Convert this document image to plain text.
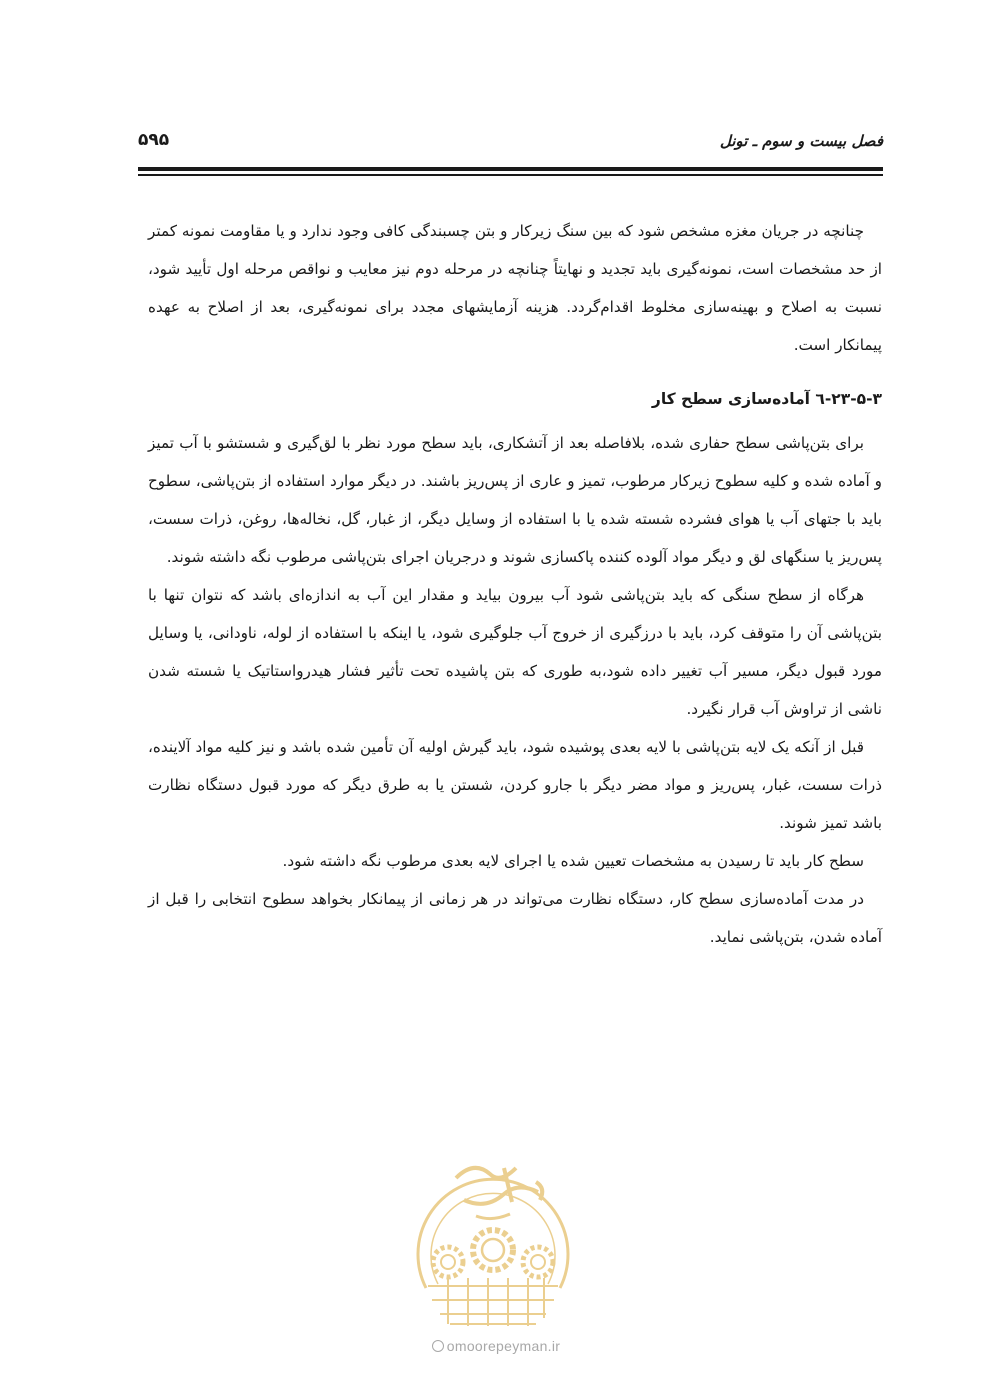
فصل بیست و سوم ـ تونل
۵۹۵

چنانچه در جریان مغزه مشخص شود که بین سنگ زیرکار و بتن چسبندگی کافی وجود ندارد و یا مقاومت نمونه کمتر از حد مشخصات است، نمونه‌گیری باید تجدید و نهایتاً چنانچه در مرحله دوم نیز معایب و نواقص مرحله اول تأیید شود، نسبت به اصلاح و بهینه‌سازی مخلوط اقدام‌گردد. هزینه آزمایشهای مجدد برای نمونه‌گیری، بعد از اصلاح به عهده پیمانکار است.

۲۳-۵-۳-٦ آماده‌سازی سطح کار

برای بتن‌پاشی سطح حفاری شده، بلافاصله بعد از آتشکاری، باید سطح مورد نظر با لق‌گیری و شستشو با آب تمیز و آماده شده و کلیه سطوح زیرکار مرطوب، تمیز و عاری از پس‌ریز باشند. در دیگر موارد استفاده از بتن‌پاشی، سطوح باید با جتهای آب یا هوای فشرده شسته شده یا با استفاده از وسایل دیگر، از غبار، گل، نخاله‌ها، روغن، ذرات سست، پس‌ریز یا سنگهای لق و دیگر مواد آلوده کننده پاکسازی شوند و درجریان اجرای بتن‌پاشی مرطوب نگه داشته شوند.

هرگاه از سطح سنگی که باید بتن‌پاشی شود آب بیرون بیاید و مقدار این آب به اندازه‌ای باشد که نتوان تنها با بتن‌پاشی آن را متوقف کرد، باید با درزگیری از خروج آب جلوگیری شود، یا اینکه با استفاده از لوله، ناودانی، یا وسایل مورد قبول دیگر، مسیر آب تغییر داده شود،به طوری که بتن پاشیده تحت تأثیر فشار هیدرواستاتیک یا شسته شدن ناشی از تراوش آب قرار نگیرد.

قبل از آنکه یک لایه بتن‌پاشی با لایه بعدی پوشیده شود، باید گیرش اولیه آن تأمین شده باشد و نیز کلیه مواد آلاینده، ذرات سست، غبار، پس‌ریز و مواد مضر دیگر با جارو کردن، شستن یا به طرق دیگر که مورد قبول دستگاه نظارت باشد تمیز شوند.

سطح کار باید تا رسیدن به مشخصات تعیین شده یا اجرای لایه بعدی مرطوب نگه داشته شود.

در مدت آماده‌سازی سطح کار، دستگاه نظارت می‌تواند در هر زمانی از پیمانکار بخواهد سطوح انتخابی را قبل از آماده شدن، بتن‌پاشی نماید.

omoorepeyman.ir
